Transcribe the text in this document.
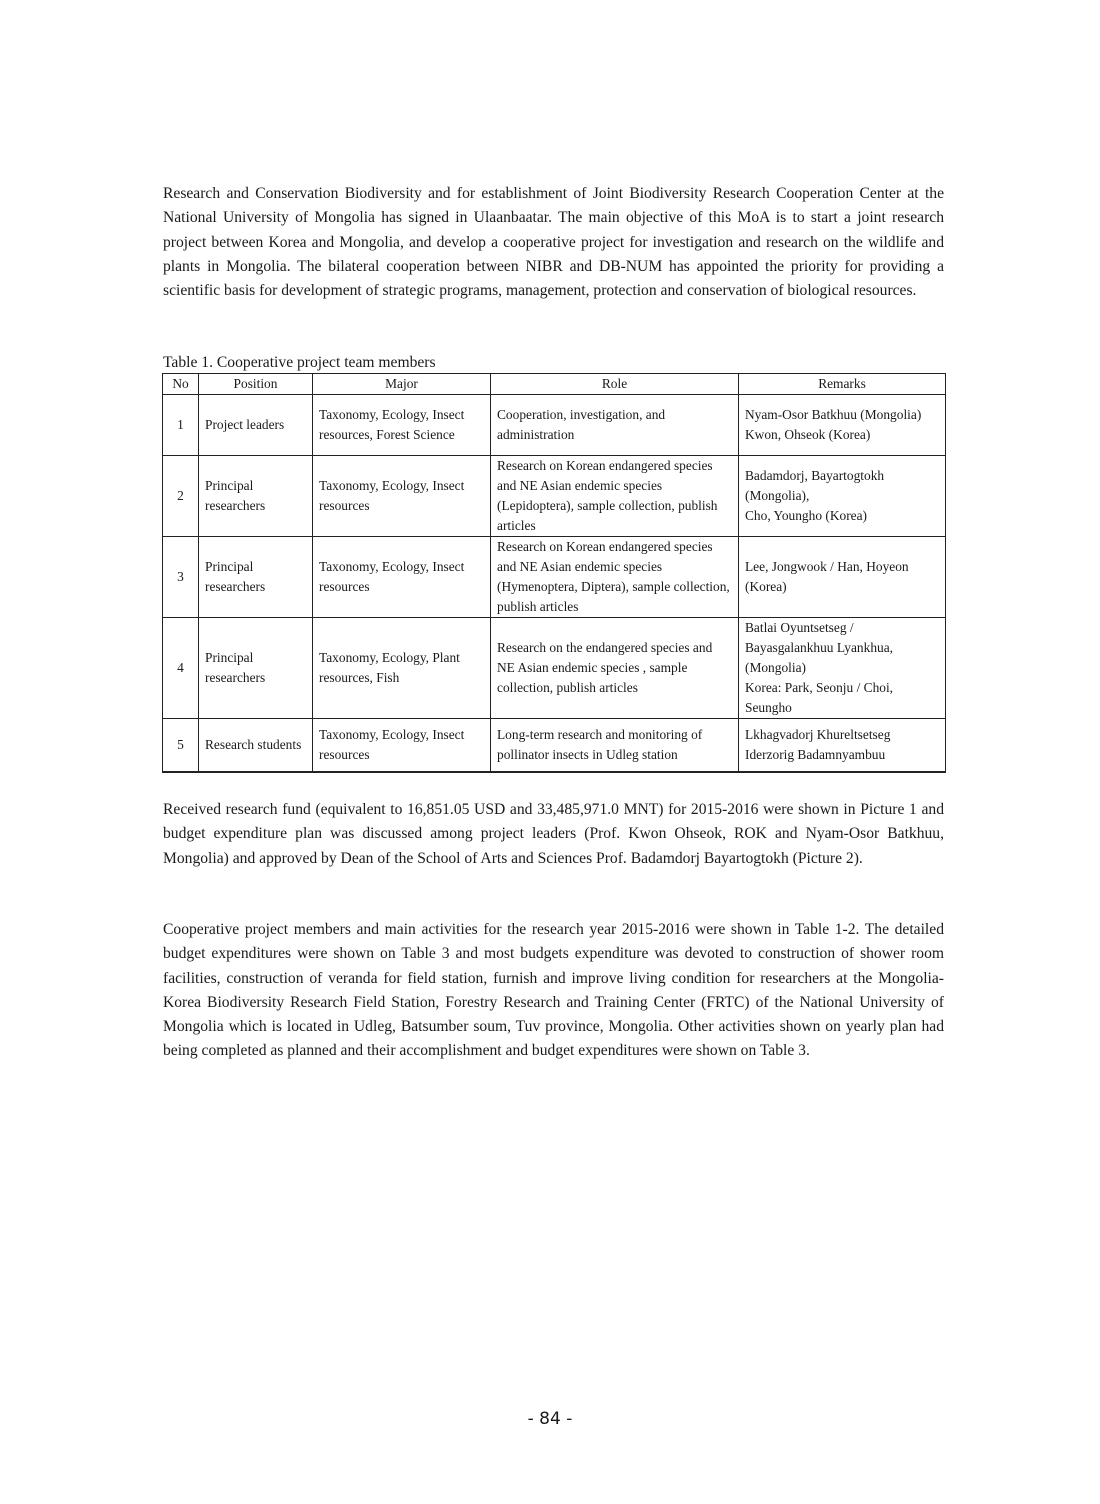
Research and Conservation Biodiversity and for establishment of Joint Biodiversity Research Cooperation Center at the National University of Mongolia has signed in Ulaanbaatar. The main objective of this MoA is to start a joint research project between Korea and Mongolia, and develop a cooperative project for investigation and research on the wildlife and plants in Mongolia. The bilateral cooperation between NIBR and DB-NUM has appointed the priority for providing a scientific basis for development of strategic programs, management, protection and conservation of biological resources.

Table 1. Cooperative project team members

No	Position	Major	Role	Remarks
1	Project leaders	Taxonomy, Ecology, Insect resources, Forest Science	Cooperation, investigation, and administration	Nyam-Osor Batkhuu (Mongolia)
Kwon, Ohseok (Korea)

2	Principal researchers	Taxonomy, Ecology, Insect resources	Research on Korean endangered species and NE Asian endemic species (Lepidoptera), sample collection, publish articles	Badamdorj, Bayartogtokh (Mongolia),
Cho, Youngho (Korea)

3	Principal researchers	Taxonomy, Ecology, Insect resources	Research on Korean endangered species and NE Asian endemic species (Hymenoptera, Diptera), sample collection, publish articles	Lee, Jongwook / Han, Hoyeon (Korea)

4	Principal researchers	Taxonomy, Ecology, Plant resources, Fish	Research on the endangered species and NE Asian endemic species , sample collection, publish articles	Batlai Oyuntsetseg / Bayasgalankhuu Lyankhua, (Mongolia)
Korea: Park, Seonju / Choi, Seungho

5	Research students	Taxonomy, Ecology, Insect resources	Long-term research and monitoring of pollinator insects in Udleg station	Lkhagvadorj Khureltsetseg
Iderzorig Badamnyambuu

Received research fund (equivalent to 16,851.05 USD and 33,485,971.0 MNT) for 2015-2016 were shown in Picture 1 and budget expenditure plan was discussed among project leaders (Prof. Kwon Ohseok, ROK and Nyam-Osor Batkhuu, Mongolia) and approved by Dean of the School of Arts and Sciences Prof. Badamdorj Bayartogtokh (Picture 2).

Cooperative project members and main activities for the research year 2015-2016 were shown in Table 1-2. The detailed budget expenditures were shown on Table 3 and most budgets expenditure was devoted to construction of shower room facilities, construction of veranda for field station, furnish and improve living condition for researchers at the Mongolia-Korea Biodiversity Research Field Station, Forestry Research and Training Center (FRTC) of the National University of Mongolia which is located in Udleg, Batsumber soum, Tuv province, Mongolia. Other activities shown on yearly plan had being completed as planned and their accomplishment and budget expenditures were shown on Table 3.

- 84 -
